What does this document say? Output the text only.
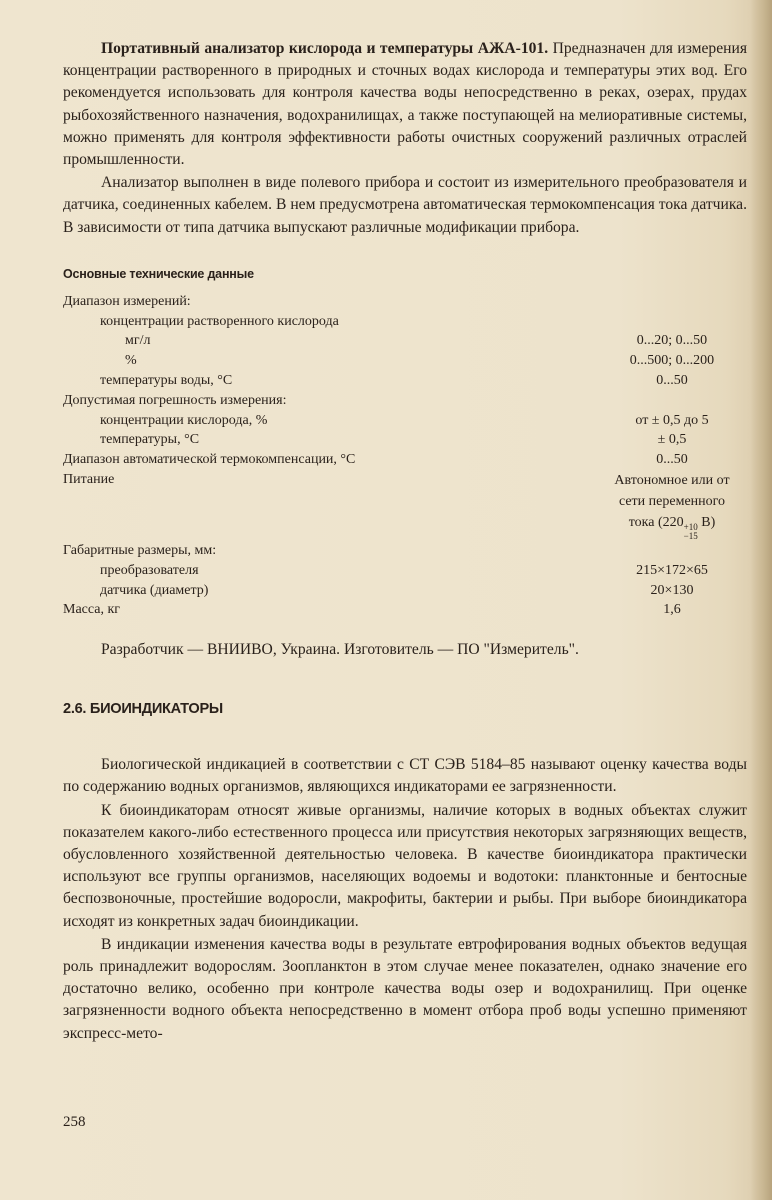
Портативный анализатор кислорода и температуры АЖА-101. Предназначен для измерения концентрации растворенного в природных и сточных водах кислорода и температуры этих вод. Его рекомендуется использовать для контроля качества воды непосредственно в реках, озерах, прудах рыбохозяйственного назначения, водохранилищах, а также поступающей на мелиоративные системы, можно применять для контроля эффективности работы очистных сооружений различных отраслей промышленности.

Анализатор выполнен в виде полевого прибора и состоит из измерительного преобразователя и датчика, соединенных кабелем. В нем предусмотрена автоматическая термокомпенсация тока датчика. В зависимости от типа датчика выпускают различные модификации прибора.

Основные технические данные
Диапазон измерений:
концентрации растворенного кислорода
мг/л	0...20; 0...50
%	0...500; 0...200
температуры воды, °С	0...50
Допустимая погрешность измерения:
концентрации кислорода, %	от ± 0,5 до 5
температуры, °С	± 0,5
Диапазон автоматической термокомпенсации, °С	0...50
Питание	Автономное или от
сети переменного
тока (220 +10
−15
В)
Габаритные размеры, мм:
преобразователя	215×172×65
датчика (диаметр)	20×130
Масса, кг	1,6
Разработчик — ВНИИВО, Украина. Изготовитель — ПО "Измеритель".
2.6. БИОИНДИКАТОРЫ

Биологической индикацией в соответствии с СТ СЭВ 5184–85 называют оценку качества воды по содержанию водных организмов, являющихся индикаторами ее загрязненности.

К биоиндикаторам относят живые организмы, наличие которых в водных объектах служит показателем какого-либо естественного процесса или присутствия некоторых загрязняющих веществ, обусловленного хозяйственной деятельностью человека. В качестве биоиндикатора практически используют все группы организмов, населяющих водоемы и водотоки: планктонные и бентосные беспозвоночные, простейшие водоросли, макрофиты, бактерии и рыбы. При выборе биоиндикатора исходят из конкретных задач биоиндикации.

В индикации изменения качества воды в результате евтрофирования водных объектов ведущая роль принадлежит водорослям. Зоопланктон в этом случае менее показателен, однако значение его достаточно велико, особенно при контроле качества воды озер и водохранилищ. При оценке загрязненности водного объекта непосредственно в момент отбора проб воды успешно применяют экспресс-мето-

258
